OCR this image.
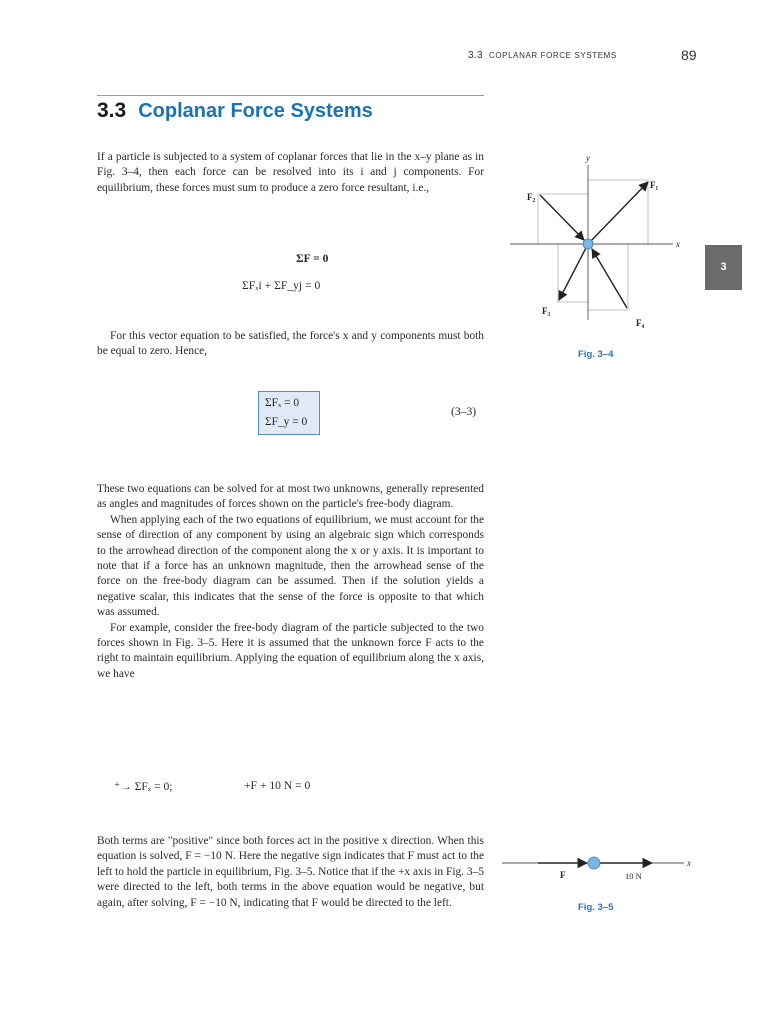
3.3 COPLANAR FORCE SYSTEMS	89
3.3 Coplanar Force Systems

If a particle is subjected to a system of coplanar forces that lie in the x–y plane as in Fig. 3–4, then each force can be resolved into its i and j components. For equilibrium, these forces must sum to produce a zero force resultant, i.e.,

ΣF = 0
ΣFₓi + ΣF_yj = 0

For this vector equation to be satisfied, the force's x and y components must both be equal to zero. Hence,

ΣFₓ = 0
ΣF_y = 0
(3–3)

These two equations can be solved for at most two unknowns, generally represented as angles and magnitudes of forces shown on the particle's free-body diagram.

When applying each of the two equations of equilibrium, we must account for the sense of direction of any component by using an algebraic sign which corresponds to the arrowhead direction of the component along the x or y axis. It is important to note that if a force has an unknown magnitude, then the arrowhead sense of the force on the free-body diagram can be assumed. Then if the solution yields a negative scalar, this indicates that the sense of the force is opposite to that which was assumed.

For example, consider the free-body diagram of the particle subjected to the two forces shown in Fig. 3–5. Here it is assumed that the unknown force F acts to the right to maintain equilibrium. Applying the equation of equilibrium along the x axis, we have

⁺→ ΣFₓ = 0;	+F + 10 N = 0

Both terms are "positive" since both forces act in the positive x direction. When this equation is solved, F = −10 N. Here the negative sign indicates that F must act to the left to hold the particle in equilibrium, Fig. 3–5. Notice that if the +x axis in Fig. 3–5 were directed to the left, both terms in the above equation would be negative, but again, after solving, F = −10 N, indicating that F would be directed to the left.

3
x
y
F₁
F₂
F₃
F₄
Fig. 3–4
x
F	10 N
Fig. 3–5
